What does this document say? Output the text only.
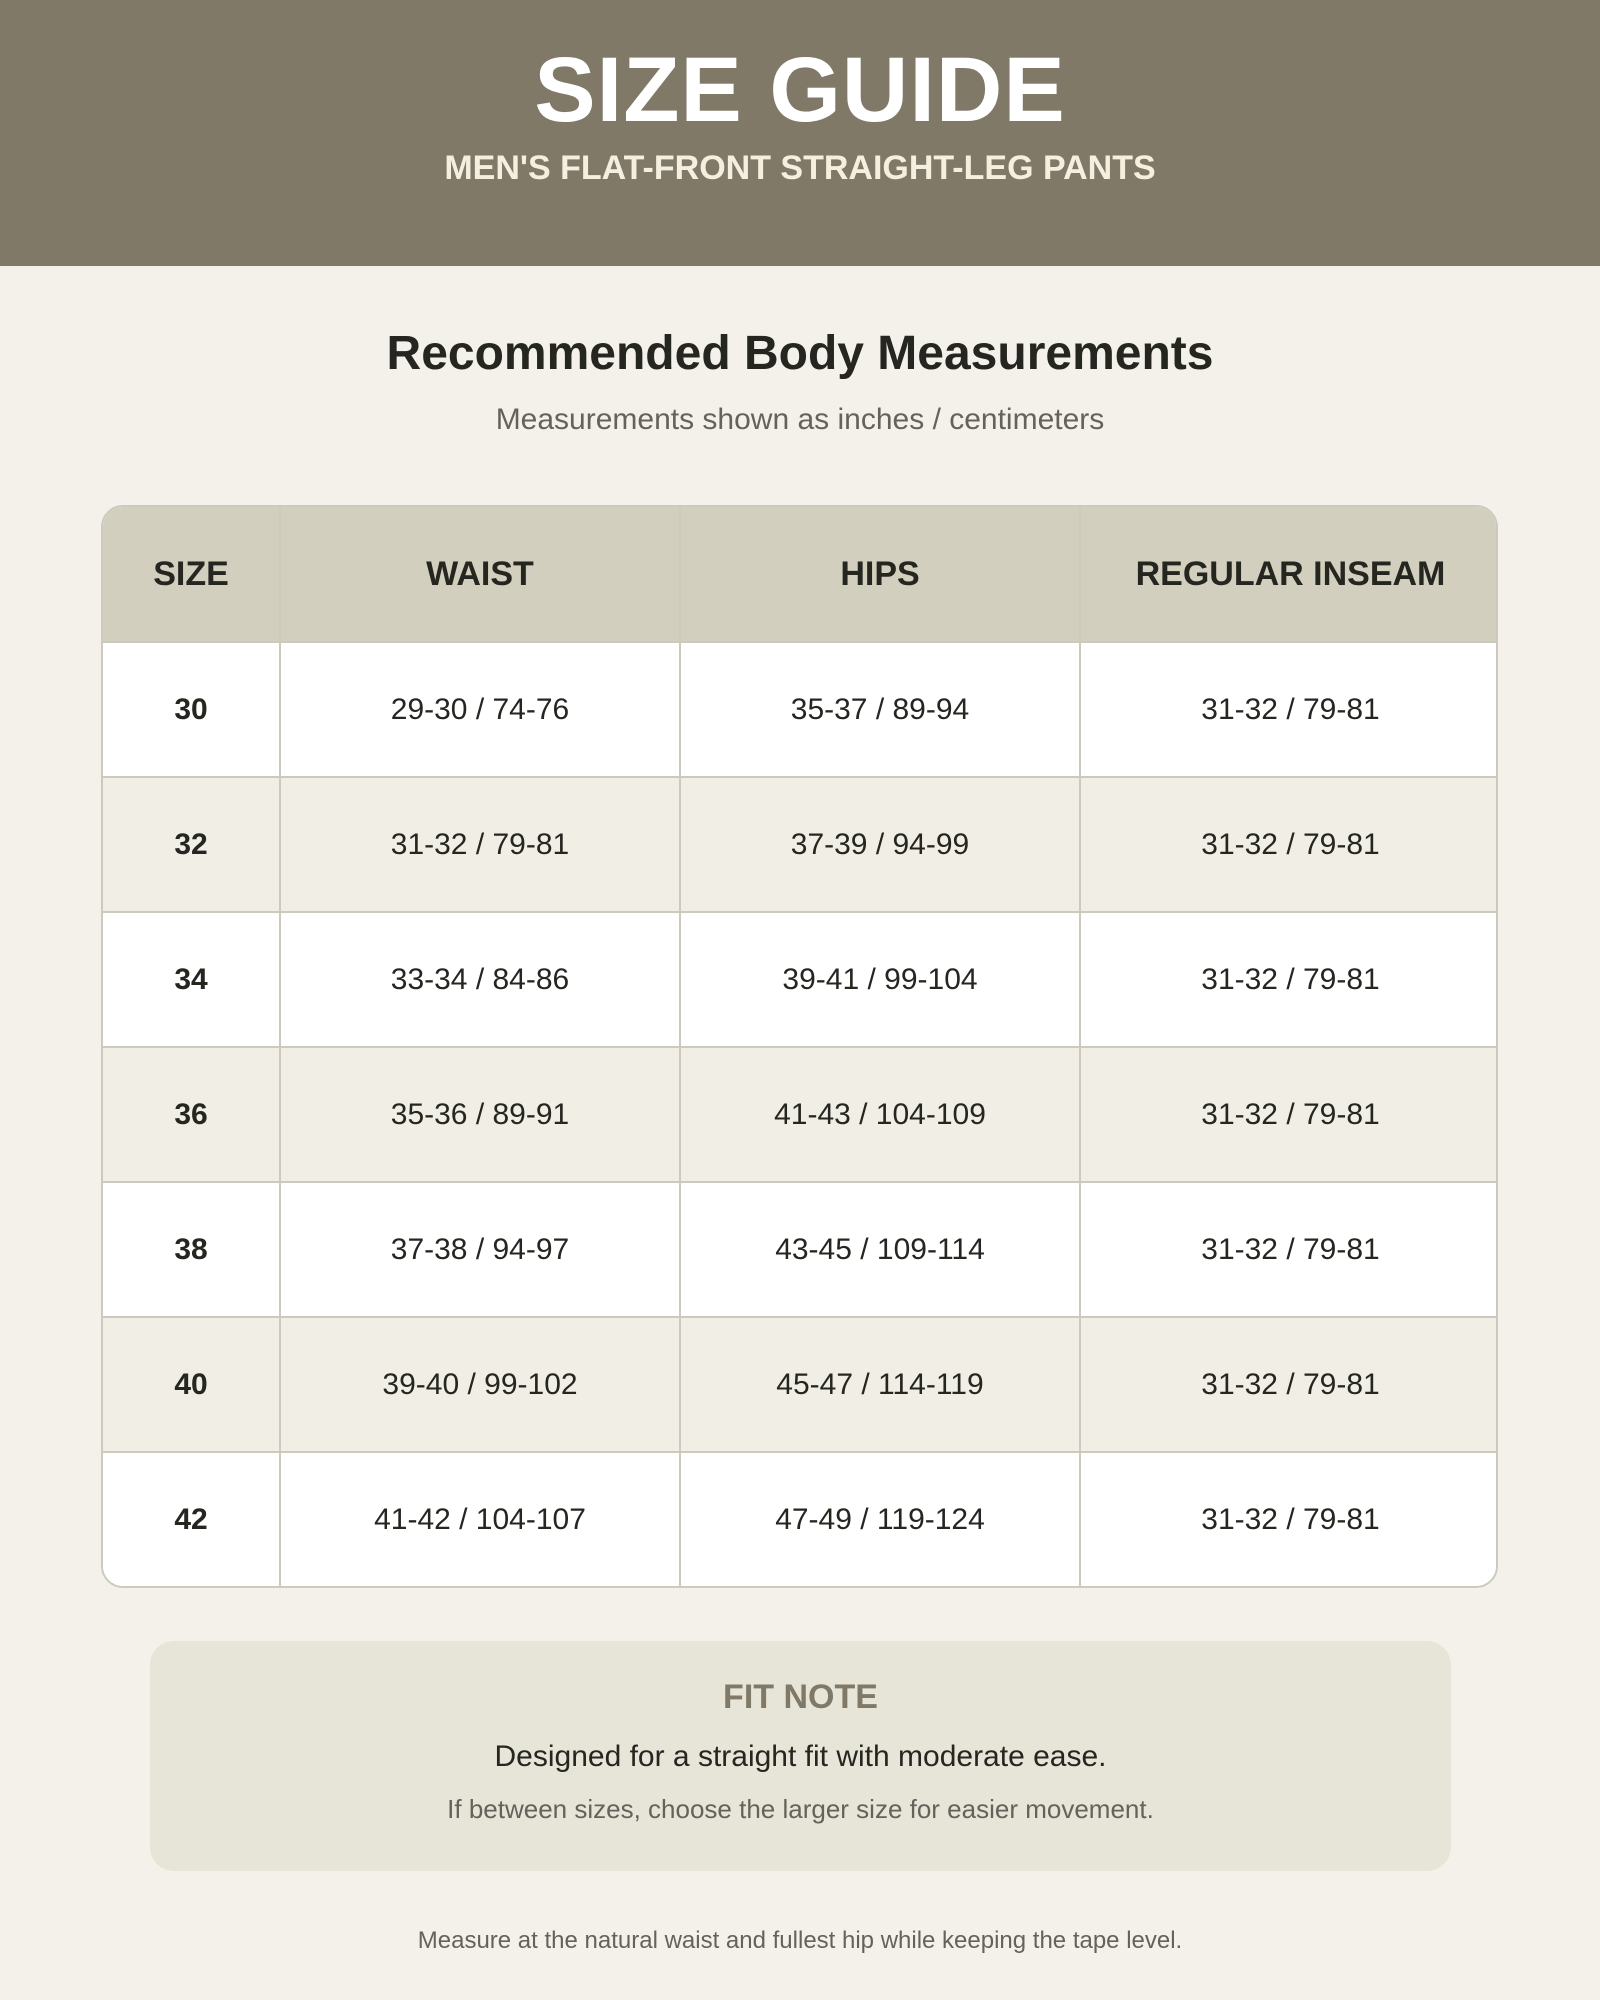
SIZE GUIDE
MEN'S FLAT-FRONT STRAIGHT-LEG PANTS
Recommended Body Measurements
Measurements shown as inches / centimeters
SIZE	WAIST	HIPS	REGULAR INSEAM
30	29-30 / 74-76	35-37 / 89-94	31-32 / 79-81
32	31-32 / 79-81	37-39 / 94-99	31-32 / 79-81
34	33-34 / 84-86	39-41 / 99-104	31-32 / 79-81
36	35-36 / 89-91	41-43 / 104-109	31-32 / 79-81
38	37-38 / 94-97	43-45 / 109-114	31-32 / 79-81
40	39-40 / 99-102	45-47 / 114-119	31-32 / 79-81
42	41-42 / 104-107	47-49 / 119-124	31-32 / 79-81
FIT NOTE
Designed for a straight fit with moderate ease.
If between sizes, choose the larger size for easier movement.
Measure at the natural waist and fullest hip while keeping the tape level.
